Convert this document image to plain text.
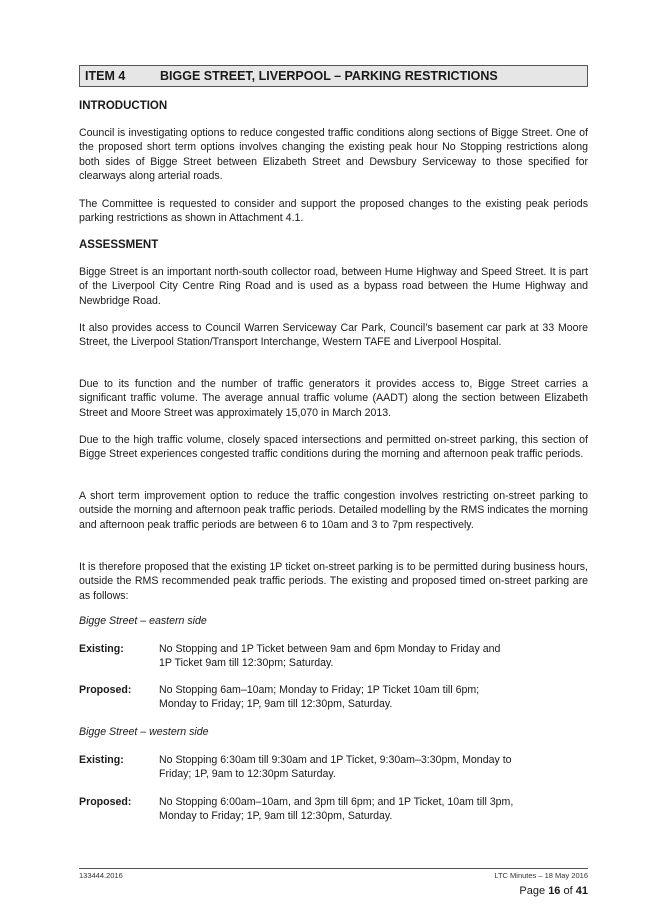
ITEM 4	BIGGE STREET, LIVERPOOL – PARKING RESTRICTIONS
INTRODUCTION

Council is investigating options to reduce congested traffic conditions along sections of Bigge Street. One of the proposed short term options involves changing the existing peak hour No Stopping restrictions along both sides of Bigge Street between Elizabeth Street and Dewsbury Serviceway to those specified for clearways along arterial roads.

The Committee is requested to consider and support the proposed changes to the existing peak periods parking restrictions as shown in Attachment 4.1.

ASSESSMENT

Bigge Street is an important north-south collector road, between Hume Highway and Speed Street. It is part of the Liverpool City Centre Ring Road and is used as a bypass road between the Hume Highway and Newbridge Road.

It also provides access to Council Warren Serviceway Car Park, Council’s basement car park at 33 Moore Street, the Liverpool Station/Transport Interchange, Western TAFE and Liverpool Hospital.

Due to its function and the number of traffic generators it provides access to, Bigge Street carries a significant traffic volume. The average annual traffic volume (AADT) along the section between Elizabeth Street and Moore Street was approximately 15,070 in March 2013.

Due to the high traffic volume, closely spaced intersections and permitted on-street parking, this section of Bigge Street experiences congested traffic conditions during the morning and afternoon peak traffic periods.

A short term improvement option to reduce the traffic congestion involves restricting on-street parking to outside the morning and afternoon peak traffic periods. Detailed modelling by the RMS indicates the morning and afternoon peak traffic periods are between 6 to 10am and 3 to 7pm respectively.

It is therefore proposed that the existing 1P ticket on-street parking is to be permitted during business hours, outside the RMS recommended peak traffic periods. The existing and proposed timed on-street parking are as follows:

Bigge Street – eastern side
Existing:	No Stopping and 1P Ticket between 9am and 6pm Monday to Friday and
1P Ticket 9am till 12:30pm; Saturday.
Proposed:	No Stopping 6am–10am; Monday to Friday; 1P Ticket 10am till 6pm;
Monday to Friday; 1P, 9am till 12:30pm, Saturday.
Bigge Street – western side
Existing:	No Stopping 6:30am till 9:30am and 1P Ticket, 9:30am–3:30pm, Monday to
Friday; 1P, 9am to 12:30pm Saturday.
Proposed:	No Stopping 6:00am–10am, and 3pm till 6pm; and 1P Ticket, 10am till 3pm,
Monday to Friday; 1P, 9am till 12:30pm, Saturday.
133444.2016	LTC Minutes – 18 May 2016
Page 16 of 41
